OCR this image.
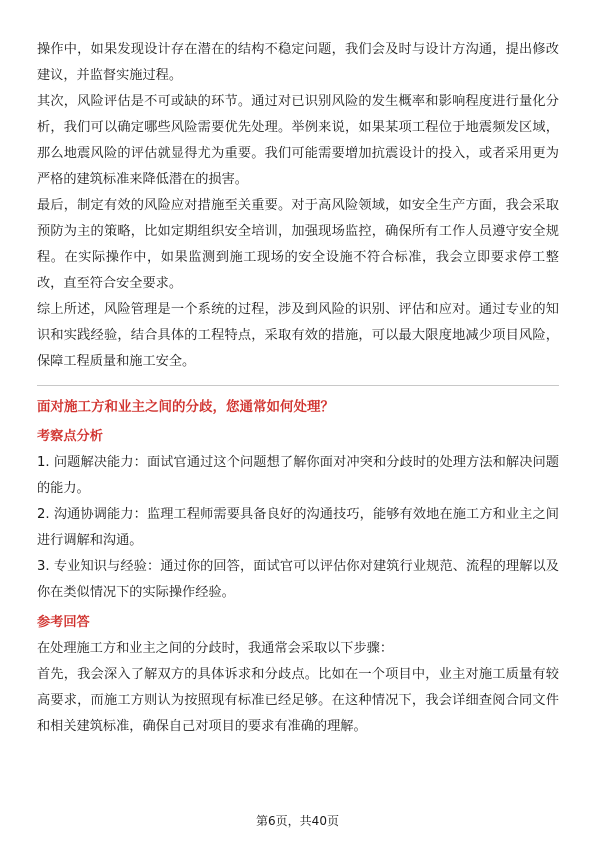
操作中，如果发现设计存在潜在的结构不稳定问题，我们会及时与设计方沟通，提出修改建议，并监督实施过程。

其次，风险评估是不可或缺的环节。通过对已识别风险的发生概率和影响程度进行量化分析，我们可以确定哪些风险需要优先处理。举例来说，如果某项工程位于地震频发区域，那么地震风险的评估就显得尤为重要。我们可能需要增加抗震设计的投入，或者采用更为严格的建筑标准来降低潜在的损害。

最后，制定有效的风险应对措施至关重要。对于高风险领域，如安全生产方面，我会采取预防为主的策略，比如定期组织安全培训，加强现场监控，确保所有工作人员遵守安全规程。在实际操作中，如果监测到施工现场的安全设施不符合标准，我会立即要求停工整改，直至符合安全要求。

综上所述，风险管理是一个系统的过程，涉及到风险的识别、评估和应对。通过专业的知识和实践经验，结合具体的工程特点，采取有效的措施，可以最大限度地减少项目风险，保障工程质量和施工安全。

面对施工方和业主之间的分歧，您通常如何处理？

考察点分析

1. 问题解决能力：面试官通过这个问题想了解你面对冲突和分歧时的处理方法和解决问题的能力。

2. 沟通协调能力：监理工程师需要具备良好的沟通技巧，能够有效地在施工方和业主之间进行调解和沟通。

3. 专业知识与经验：通过你的回答，面试官可以评估你对建筑行业规范、流程的理解以及你在类似情况下的实际操作经验。

参考回答

在处理施工方和业主之间的分歧时，我通常会采取以下步骤：

首先，我会深入了解双方的具体诉求和分歧点。比如在一个项目中，业主对施工质量有较高要求，而施工方则认为按照现有标准已经足够。在这种情况下，我会详细查阅合同文件和相关建筑标准，确保自己对项目的要求有准确的理解。

第6页，共40页
